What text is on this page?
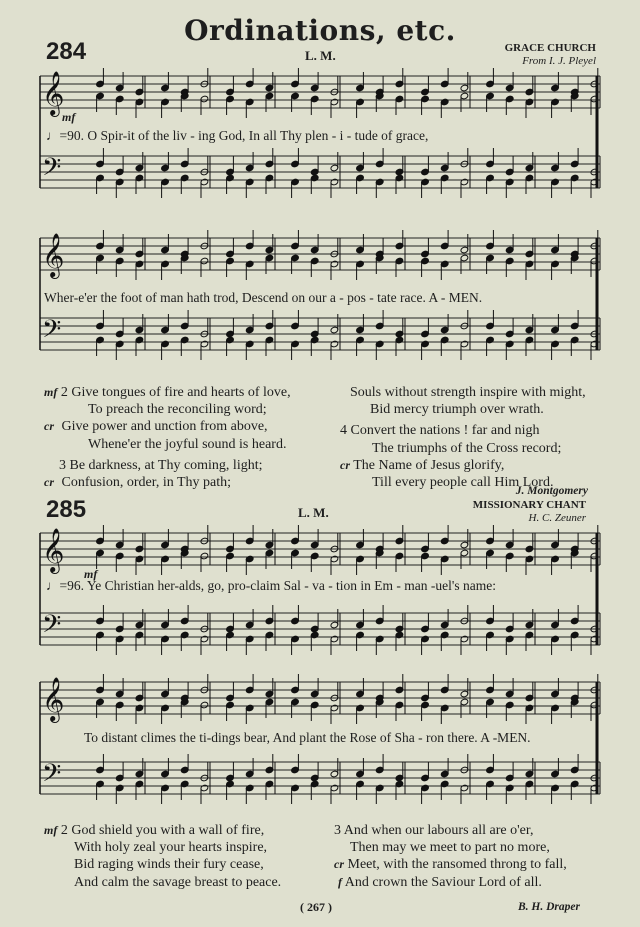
Ordinations, etc.
284	L. M.	GRACE CHURCH
From I. J. Pleyel
𝄞
𝄢
𝄞
𝄢
𝄞
𝄢
𝄞
𝄢
mf
♩=90. O Spir-it of the liv - ing God, In all Thy plen - i - tude of grace,
Wher-e'er the foot of man hath trod, Descend on our a - pos - tate race. A - MEN.
mf 2 Give tongues of fire and hearts of love,
To preach the reconciling word;
cr Give power and unction from above,
Whene'er the joyful sound is heard.
3 Be darkness, at Thy coming, light;
cr Confusion, order, in Thy path;
Souls without strength inspire with might,
Bid mercy triumph over wrath.
4 Convert the nations ! far and nigh
The triumphs of the Cross record;
cr The Name of Jesus glorify,
Till every people call Him Lord.
J. Montgomery
285	L. M.	MISSIONARY CHANT
H. C. Zeuner
mf
♩=96. Ye Christian her-alds, go, pro-claim Sal - va - tion in Em - man -uel's name:
To distant climes the ti-dings bear, And plant the Rose of Sha - ron there. A -MEN.
mf 2 God shield you with a wall of fire,
With holy zeal your hearts inspire,
Bid raging winds their fury cease,
And calm the savage breast to peace.
3 And when our labours all are o'er,
Then may we meet to part no more,
cr Meet, with the ransomed throng to fall,
f And crown the Saviour Lord of all.
( 267 )	B. H. Draper
